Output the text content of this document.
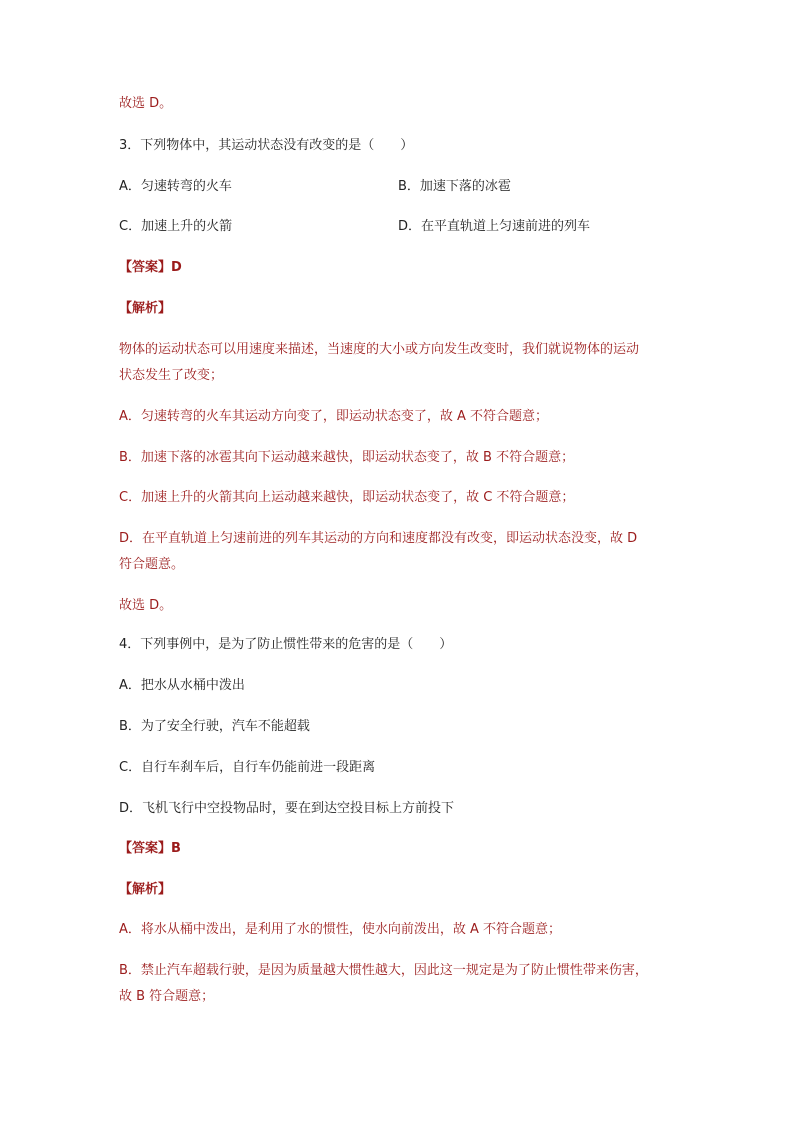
故选 D。
3．下列物体中，其运动状态没有改变的是（　　）
A．匀速转弯的火车	B．加速下落的冰雹
C．加速上升的火箭	D．在平直轨道上匀速前进的列车
【答案】D
【解析】
物体的运动状态可以用速度来描述，当速度的大小或方向发生改变时，我们就说物体的运动
状态发生了改变；
A．匀速转弯的火车其运动方向变了，即运动状态变了，故 A 不符合题意；
B．加速下落的冰雹其向下运动越来越快，即运动状态变了，故 B 不符合题意；
C．加速上升的火箭其向上运动越来越快，即运动状态变了，故 C 不符合题意；
D．在平直轨道上匀速前进的列车其运动的方向和速度都没有改变，即运动状态没变，故 D
符合题意。
故选 D。
4．下列事例中，是为了防止惯性带来的危害的是（　　）
A．把水从水桶中泼出
B．为了安全行驶，汽车不能超载
C．自行车刹车后，自行车仍能前进一段距离
D．飞机飞行中空投物品时，要在到达空投目标上方前投下
【答案】B
【解析】
A．将水从桶中泼出，是利用了水的惯性，使水向前泼出，故 A 不符合题意；
B．禁止汽车超载行驶，是因为质量越大惯性越大，因此这一规定是为了防止惯性带来伤害，
故 B 符合题意；
